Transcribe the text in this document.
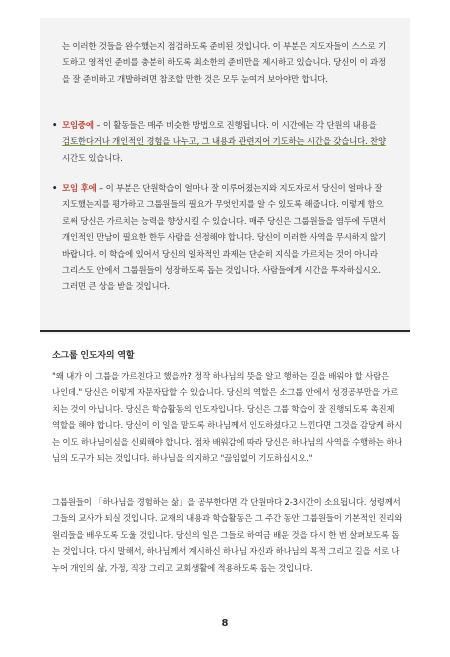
는 이러한 것들을 완수했는지 점검하도록 준비된 것입니다. 이 부분은 지도자들이 스스로 기
도하고 영적인 준비를 충분히 하도록 최소한의 준비만을 제시하고 있습니다. 당신이 이 과정
을 잘 준비하고 개발하려면 참조할 만한 것은 모두 눈여겨 보아야만 합니다.
• 모임중에 – 이 활동들은 매주 비슷한 방법으로 진행됩니다. 이 시간에는 각 단원의 내용을
검토한다거나 개인적인 경험을 나누고, 그 내용과 관련지어 기도하는 시간을 갖습니다. 찬양
시간도 있습니다.
• 모임 후에 – 이 부분은 단원학습이 얼마나 잘 이루어졌는지와 지도자로서 당신이 얼마나 잘
지도했는지를 평가하고 그룹원들의 필요가 무엇인지를 알 수 있도록 해줍니다. 이렇게 함으
로써 당신은 가르치는 능력을 향상시킬 수 있습니다. 매주 당신은 그룹원들을 염두에 두면서
개인적인 만남이 필요한 한두 사람을 선정해야 합니다. 당신이 이러한 사역을 무시하지 않기
바랍니다. 이 학습에 있어서 당신의 일차적인 과제는 단순히 지식을 가르치는 것이 아니라
그리스도 안에서 그룹원들이 성장하도록 돕는 것입니다. 사람들에게 시간을 투자하십시오.
그러면 큰 상을 받을 것입니다.
소그룹 인도자의 역할
"왜 내가 이 그룹을 가르친다고 했을까? 정작 하나님의 뜻을 알고 행하는 길을 배워야 할 사람은
나인데." 당신은 이렇게 자문자답할 수 있습니다. 당신의 역할은 소그룹 안에서 성경공부만을 가르
치는 것이 아닙니다. 당신은 학습활동의 인도자입니다. 당신은 그룹 학습이 잘 진행되도록 촉진제
역할을 해야 합니다. 당신이 이 일을 맡도록 하나님께서 인도하셨다고 느낀다면 그것을 감당케 하시
는 이도 하나님이심을 신뢰해야 합니다. 점차 배워감에 따라 당신은 하나님의 사역을 수행하는 하나
님의 도구가 되는 것입니다. 하나님을 의지하고 "끊임없이 기도하십시오."
그룹원들이 「하나님을 경험하는 삶」을 공부한다면 각 단원마다 2-3시간이 소요됩니다. 성령께서
그들의 교사가 되실 것입니다. 교재의 내용과 학습활동은 그 주간 동안 그룹원들이 기본적인 진리와
원리들을 배우도록 도울 것입니다. 당신의 일은 그들로 하여금 배운 것을 다시 한 번 살펴보도록 돕
는 것입니다. 다시 말해서, 하나님께서 계시하신 하나님 자신과 하나님의 목적 그리고 길을 서로 나
누어 개인의 삶, 가정, 직장 그리고 교회생활에 적용하도록 돕는 것입니다.
8
